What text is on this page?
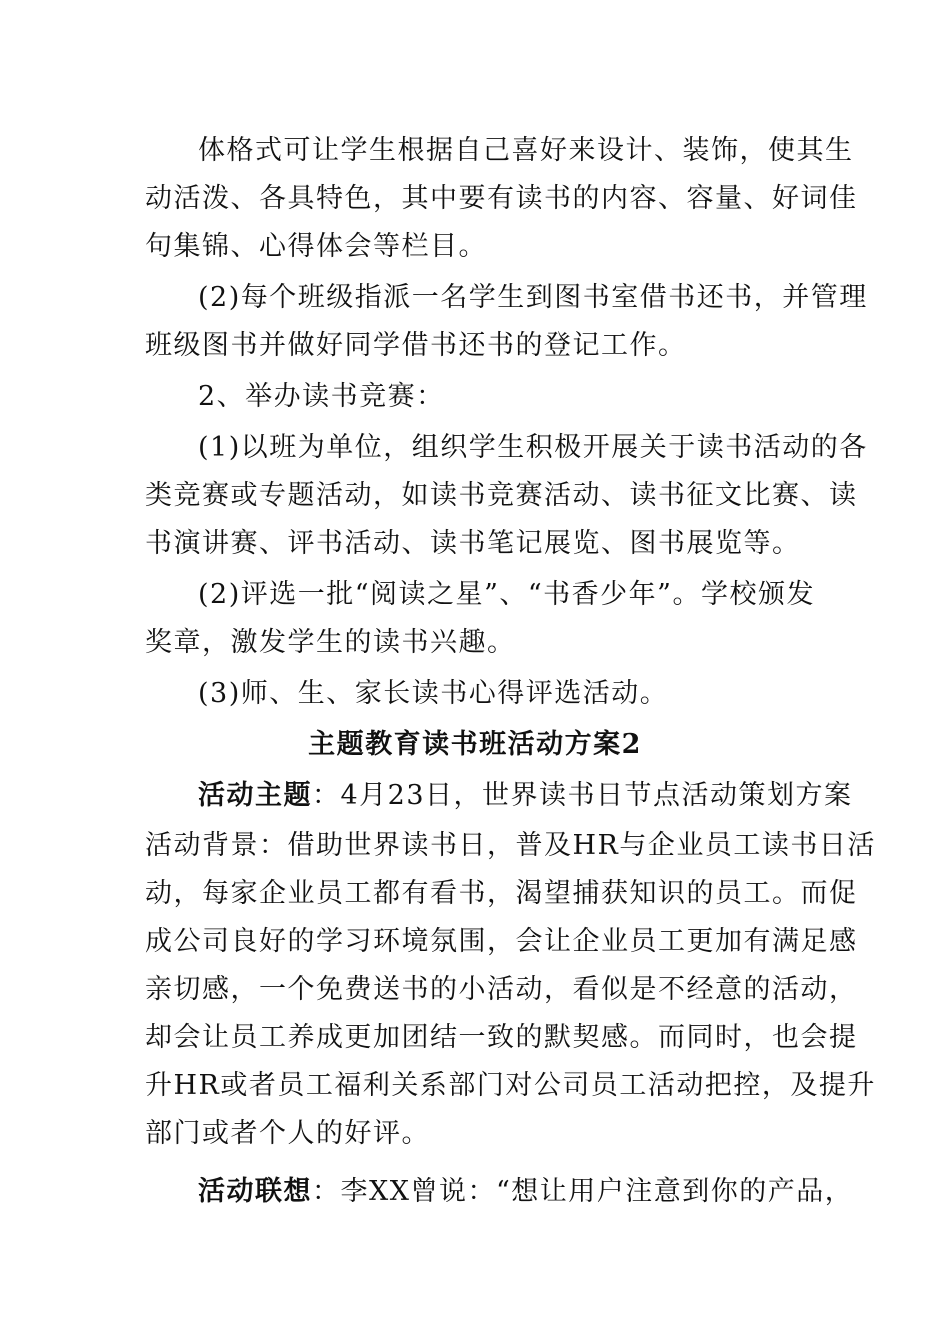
体格式可让学生根据自己喜好来设计、装饰，使其生
动活泼、各具特色，其中要有读书的内容、容量、好词佳
句集锦、心得体会等栏目。
(2)每个班级指派一名学生到图书室借书还书，并管理
班级图书并做好同学借书还书的登记工作。
2、举办读书竞赛：
(1)以班为单位，组织学生积极开展关于读书活动的各
类竞赛或专题活动，如读书竞赛活动、读书征文比赛、读
书演讲赛、评书活动、读书笔记展览、图书展览等。
(2)评选一批“阅读之星”、“书香少年”。学校颁发
奖章，激发学生的读书兴趣。
(3)师、生、家长读书心得评选活动。
主题教育读书班活动方案2
活动主题：4月23日，世界读书日节点活动策划方案
活动背景：借助世界读书日，普及HR与企业员工读书日活
动，每家企业员工都有看书，渴望捕获知识的员工。而促
成公司良好的学习环境氛围，会让企业员工更加有满足感
亲切感，一个免费送书的小活动，看似是不经意的活动，
却会让员工养成更加团结一致的默契感。而同时，也会提
升HR或者员工福利关系部门对公司员工活动把控，及提升
部门或者个人的好评。
活动联想：李XX曾说：“想让用户注意到你的产品，
